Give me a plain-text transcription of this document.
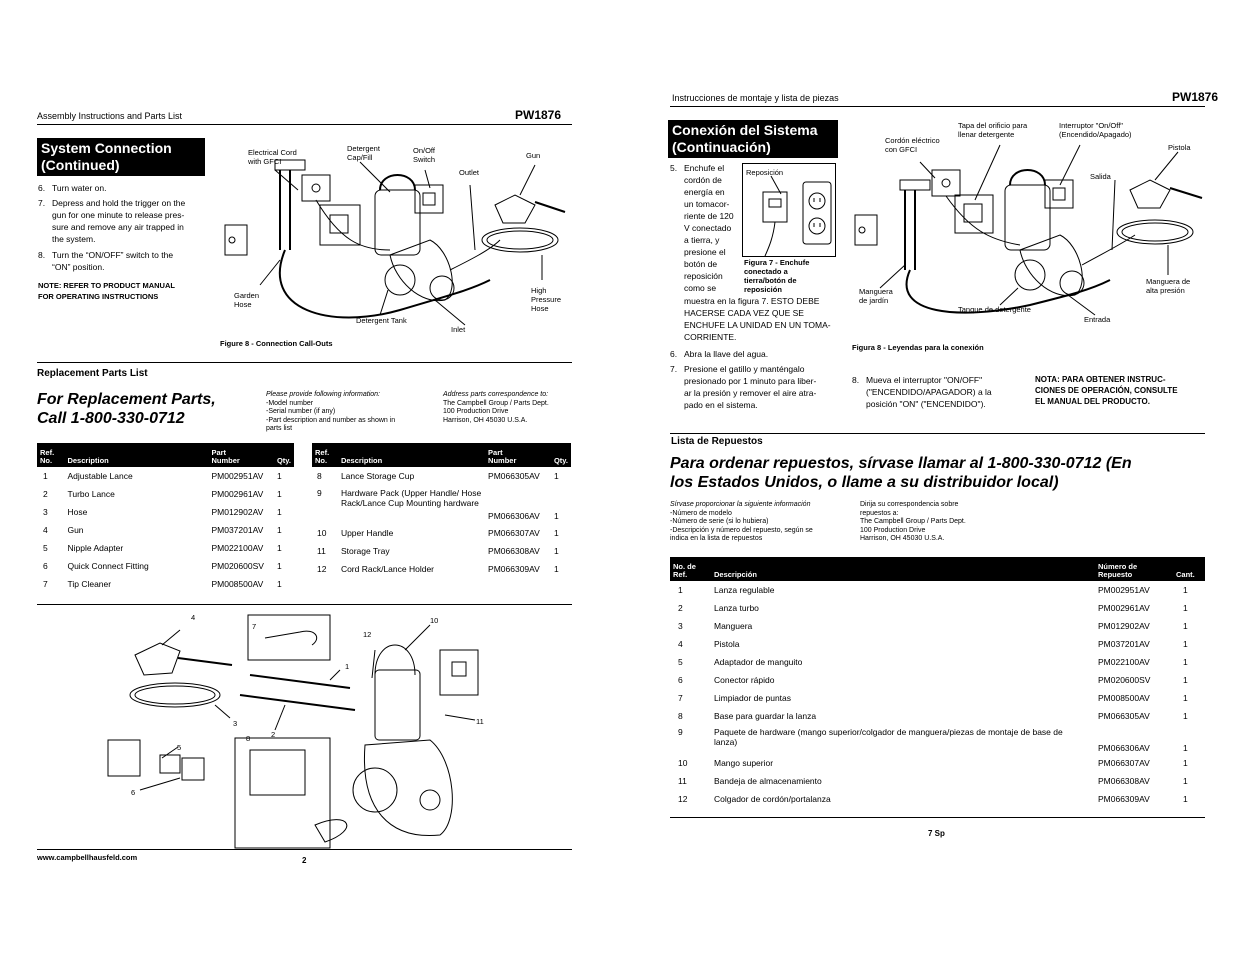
Assembly Instructions and Parts List	PW1876
System Connection
(Continued)
6. Turn water on.
7. Depress and hold the trigger on the
gun for one minute to release pres-
sure and remove any air trapped in
the system.
8. Turn the “ON/OFF” switch to the
“ON” position.
NOTE: REFER TO PRODUCT MANUAL
FOR OPERATING INSTRUCTIONS
Electrical Cord
with GFCI
Detergent
Cap/Fill
On/Off
Switch
Outlet
Gun
Garden
Hose
Detergent Tank
Inlet
High
Pressure
Hose
Figure 8 - Connection Call-Outs
Replacement Parts List
For Replacement Parts,
Call 1-800-330-0712
Please provide following information:
-Model number
-Serial number (if any)
-Part description and number as shown in
parts list
Address parts correspondence to:
The Campbell Group / Parts Dept.
100 Production Drive
Harrison, OH 45030 U.S.A.
Ref.
No.	Description	Part
Number	Qty.
1	Adjustable Lance	PM002951AV	1
2	Turbo Lance	PM002961AV	1
3	Hose	PM012902AV	1
4	Gun	PM037201AV	1
5	Nipple Adapter	PM022100AV	1
6	Quick Connect Fitting	PM020600SV	1
7	Tip Cleaner	PM008500AV	1
Ref.
No.	Description	Part
Number	Qty.
8	Lance Storage Cup	PM066305AV	1
9	Hardware Pack (Upper Handle/ Hose Rack/Lance Cup Mounting hardware	PM066306AV	1
10	Upper Handle	PM066307AV	1
11	Storage Tray	PM066308AV	1
12	Cord Rack/Lance Holder	PM066309AV	1
4
7
10
12
1
11
3
2
8
5
6
www.campbellhausfeld.com	2
Instrucciones de montaje y lista de piezas	PW1876
Conexión del Sistema
(Continuación)
5. Enchufe el
cordón de
energía en
un tomacor-
riente de 120
V conectado
a tierra, y
presione el
botón de
reposición
como se
muestra en la figura 7. ESTO DEBE
HACERSE CADA VEZ QUE SE
ENCHUFE LA UNIDAD EN UN TOMA-
CORRIENTE.
Reposición
Figura 7 - Enchufe
conectado a
tierra/botón de
reposición
6. Abra la llave del agua.
7. Presione el gatillo y manténgalo
presionado por 1 minuto para liber-
ar la presión y remover el aire atra-
pado en el sistema.
Cordón eléctrico
con GFCI
Tapa del orificio para
llenar detergente
Interruptor "On/Off"
(Encendido/Apagado)
Pistola
Salida
Manguera
de jardín
Tanque de detergente
Entrada
Manguera de
alta presión
Figura 8 - Leyendas para la conexión
8. Mueva el interruptor "ON/OFF"
("ENCENDIDO/APAGADOR) a la
posición "ON" ("ENCENDIDO").
NOTA: PARA OBTENER INSTRUC-
CIONES DE OPERACIÓN, CONSULTE
EL MANUAL DEL PRODUCTO.
Lista de Repuestos
Para ordenar repuestos, sírvase llamar al 1-800-330-0712 (En
los Estados Unidos, o llame a su distribuidor local)
Sírvase proporcionar la siguiente información
-Número de modelo
-Número de serie (si lo hubiera)
-Descripción y número del repuesto, según se
indica en la lista de repuestos
Dirija su correspondencia sobre
repuestos a:
The Campbell Group / Parts Dept.
100 Production Drive
Harrison, OH 45030 U.S.A.
No. de
Ref.	Descripción	Número de
Repuesto	Cant.
1	Lanza regulable	PM002951AV	1
2	Lanza turbo	PM002961AV	1
3	Manguera	PM012902AV	1
4	Pistola	PM037201AV	1
5	Adaptador de manguito	PM022100AV	1
6	Conector rápido	PM020600SV	1
7	Limpiador de puntas	PM008500AV	1
8	Base para guardar la lanza	PM066305AV	1
9	Paquete de hardware (mango superior/colgador de manguera/piezas de montaje de base de lanza)	PM066306AV	1
10	Mango superior	PM066307AV	1
11	Bandeja de almacenamiento	PM066308AV	1
12	Colgador de cordón/portalanza	PM066309AV	1
7 Sp
